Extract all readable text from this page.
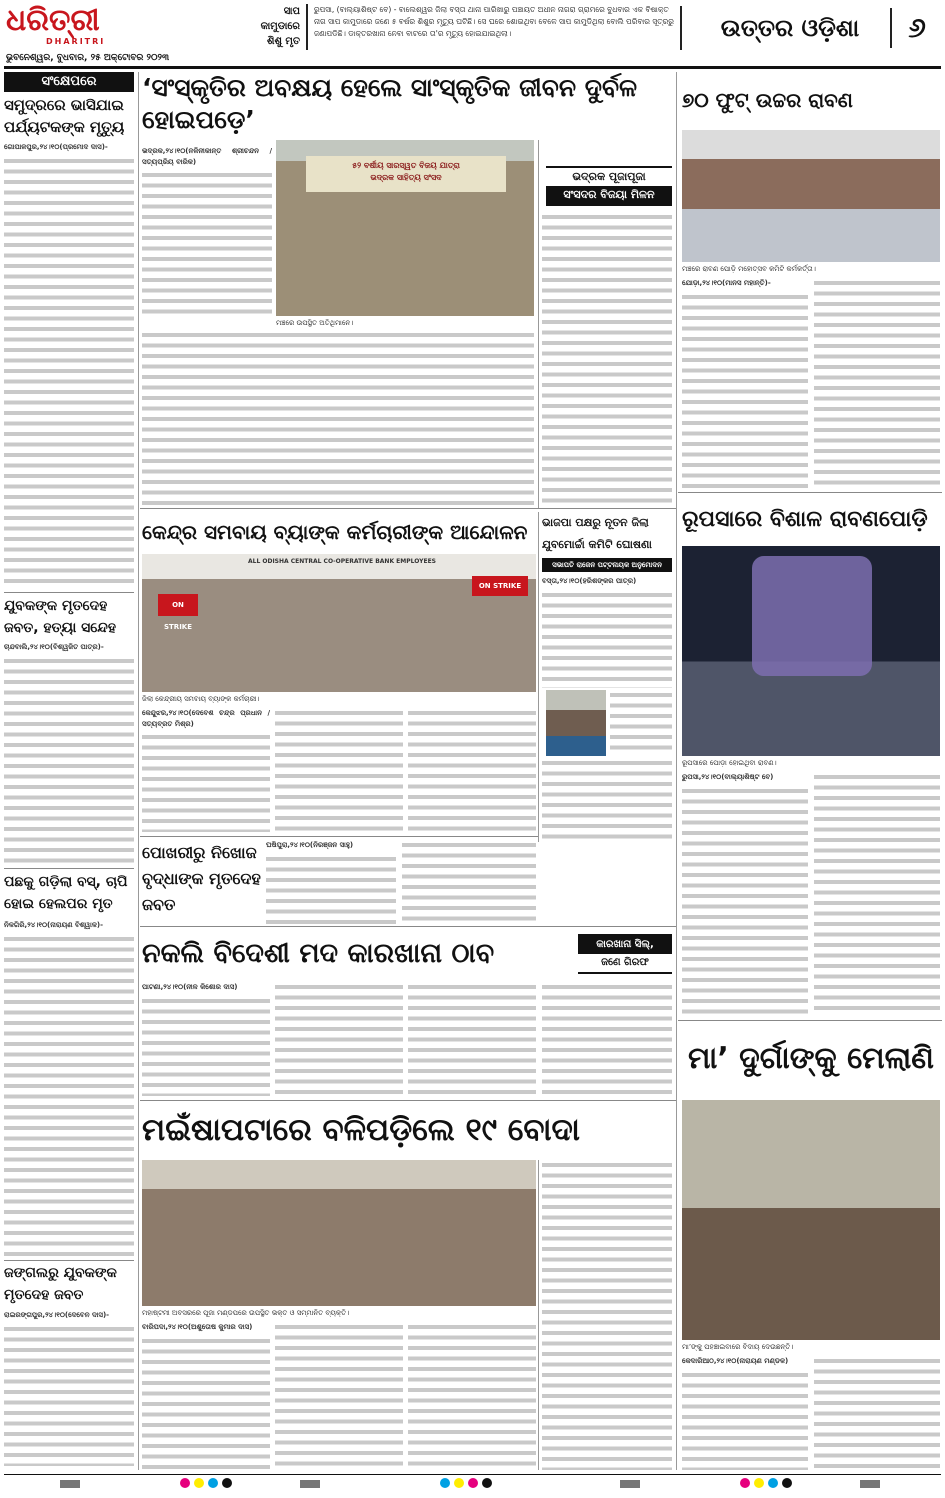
ଧରିତ୍ରୀ
DHARITRI
ସାପ
କାମୁଡାରେ
ଶିଶୁ ମୃତ
ରୁପସା, (ବାଲ୍ୟାଶିଷ୍ଟ ବେ) - ବାଲେଶ୍ୱର ଜିଲା ବସ୍ତା ଥାନା ପାରିଖାରୁ ପଞ୍ଚାୟତ ଅଧୀନ ନାଗରା ଗ୍ରାମରେ ବୁଧବାର ଏକ ବିଷାକ୍ତ ନାଗ ସାପ କାମୁଡାରେ ଜଣେ ୫ ବର୍ଷର ଶିଶୁର ମୃତ୍ୟୁ ଘଟିଛି। ସେ ଘରେ ଶୋଇଥିବା ବେଳେ ସାପ କାମୁଡିଥିଲା ବୋଲି ପରିବାର ସୂତ୍ରରୁ ଜଣାପଡିଛି। ଡାକ୍ତରଖାନା ନେବା ବାଟରେ ତା'ର ମୃତ୍ୟୁ ହୋଇଯାଇଥିଲା।	ଉତ୍ତର ଓଡ଼ିଶା	୬
ଭୁବନେଶ୍ୱର, ବୁଧବାର, ୨୫ ଅକ୍ଟୋବର ୨୦୨୩
ସଂକ୍ଷେପରେ
ସମୁଦ୍ରରେ ଭାସିଯାଇ ପର୍ଯ୍ୟଟକଙ୍କ ମୃତ୍ୟୁ
ଗୋପାଳପୁର,୨୪।୧୦(ପ୍ରମୋଦ ଦାସ)-
ଯୁବକଙ୍କ ମୃତଦେହ ଜବତ, ହତ୍ୟା ସନ୍ଦେହ
ଚାନ୍ଦବାଲି,୨୪।୧୦(ବିଶ୍ୱଜିତ ପାତ୍ର)-
ପଛକୁ ଗଡ଼ିଲା ବସ୍, ଚାପି ହୋଇ ହେଲପର ମୃତ
ନିଳଗିରି,୨୪।୧୦(ନାରାୟଣ ବିଶ୍ୱାଳ)-
ଜଙ୍ଗଲରୁ ଯୁବକଙ୍କ ମୃତଦେହ ଜବତ
ରାଇରଙ୍ଗପୁର,୨୪।୧୦(ଦେବେନ ଦାସ)-
‘ସଂସ୍କୃତିର ଅବକ୍ଷୟ ହେଲେ ସାଂସ୍କୃତିକ ଜୀବନ ଦୁର୍ବଳ ହୋଇପଡ଼େ’
ଭଦ୍ରକ,୨୪।୧୦(ନଳିନୀକାନ୍ତ ଶ୍ରୀଚନ୍ଦନ / ସତ୍ୟପ୍ରିୟ ବାରିକ)	୫୨ ବର୍ଷୀୟ ସାରସ୍ୱତ ବିଜୟ ଯାତ୍ରା
ଭଦ୍ରକ ସାହିତ୍ୟ ସଂସଦ
ମଞ୍ଚରେ ଉପସ୍ଥିତ ଅତିଥିମାନେ।
ଭଦ୍ରକ ପୂଜାପୂଜା
ସଂସଦର ବିଜୟା ମିଳନ
୭୦ ଫୁଟ୍ ଉଚ୍ଚର ରାବଣ
ମଞ୍ଚରେ ରାବଣ ପୋଡ଼ି ମହୋତ୍ସବ କମିଟି କର୍ମକର୍ତ୍ତା।
ଯୋଡ଼ା,୨୪।୧୦(ମାନସ ମହାନ୍ତି)-
କେନ୍ଦ୍ର ସମବାୟ ବ୍ୟାଙ୍କ କର୍ମଚାରୀଙ୍କ ଆନ୍ଦୋଳନ
ALL ODISHA CENTRAL CO-OPERATIVE BANK EMPLOYEES
ON STRIKE
ON STRIKE
ଜିଲା କେନ୍ଦ୍ରୀୟ ସମବାୟ ବ୍ୟାଙ୍କ କର୍ମଚାରୀ।
କେନ୍ଦୁଝର,୨୪।୧୦(ଦେବେଶ ଚନ୍ଦ୍ର ପ୍ରଧାନ / ସତ୍ୟବ୍ରତ ମିଶ୍ର)
ଭାଜପା ପକ୍ଷରୁ ନୂତନ ଜିଲା ଯୁବମୋର୍ଚ୍ଚା କମିଟି ଘୋଷଣା
ସଭାପତି ରାଜେନ ପଟ୍ଟନାୟକ ଅନୁମୋଦନ
ବସ୍ତା,୨୪।୧୦(ହରିଶଙ୍କର ପାତ୍ର)
ପୋଖରୀରୁ ନିଖୋଜ ବୃଦ୍ଧାଙ୍କ ମୃତଦେହ ଜବତ
ଘଷିପୁରା,୨୪।୧୦(ନିରଞ୍ଜନ ସାହୁ)
ରୂପସାରେ ବିଶାଳ ରାବଣପୋଡ଼ି
ରୂପସାରେ ପୋଡ଼ା ହୋଇଥିବା ରାବଣ।
ରୁପସା,୨୪।୧୦(ବାଲ୍ୟାଶିଷ୍ଟ ବେ)
ନକଲି ବିଦେଶୀ ମଦ କାରଖାନା ଠାବ	କାରଖାନା ସିଲ୍,
ଜଣେ ଗିରଫ
ପାଟଣା,୨୪।୧୦(ନୀଳ କିଶୋର ଦାସ)
ମା’ ଦୁର୍ଗାଙ୍କୁ ମେଲାଣି
ମା’ଙ୍କୁ ପହଞ୍ଚାଇବାରେ ବିଦାୟ ଦେଉଛନ୍ତି।
କେଦାରିଆଠ,୨୪।୧୦(ନାରାୟଣ ମଣ୍ଡଳ)
ମଇଁଷାପଟାରେ ବଳିପଡ଼ିଲେ ୧୯ ବୋଦା
ମହାଷ୍ଟମୀ ଅବସରରେ ପୂଜା ମଣ୍ଡପରେ ଉପସ୍ଥିତ ଭକ୍ତ ଓ ସମ୍ମାନିତ ବ୍ୟକ୍ତି।
ବାରିପଦା,୨୪।୧୦(ଅଶୁତୋଷ କୁମାର ଦାସ)
